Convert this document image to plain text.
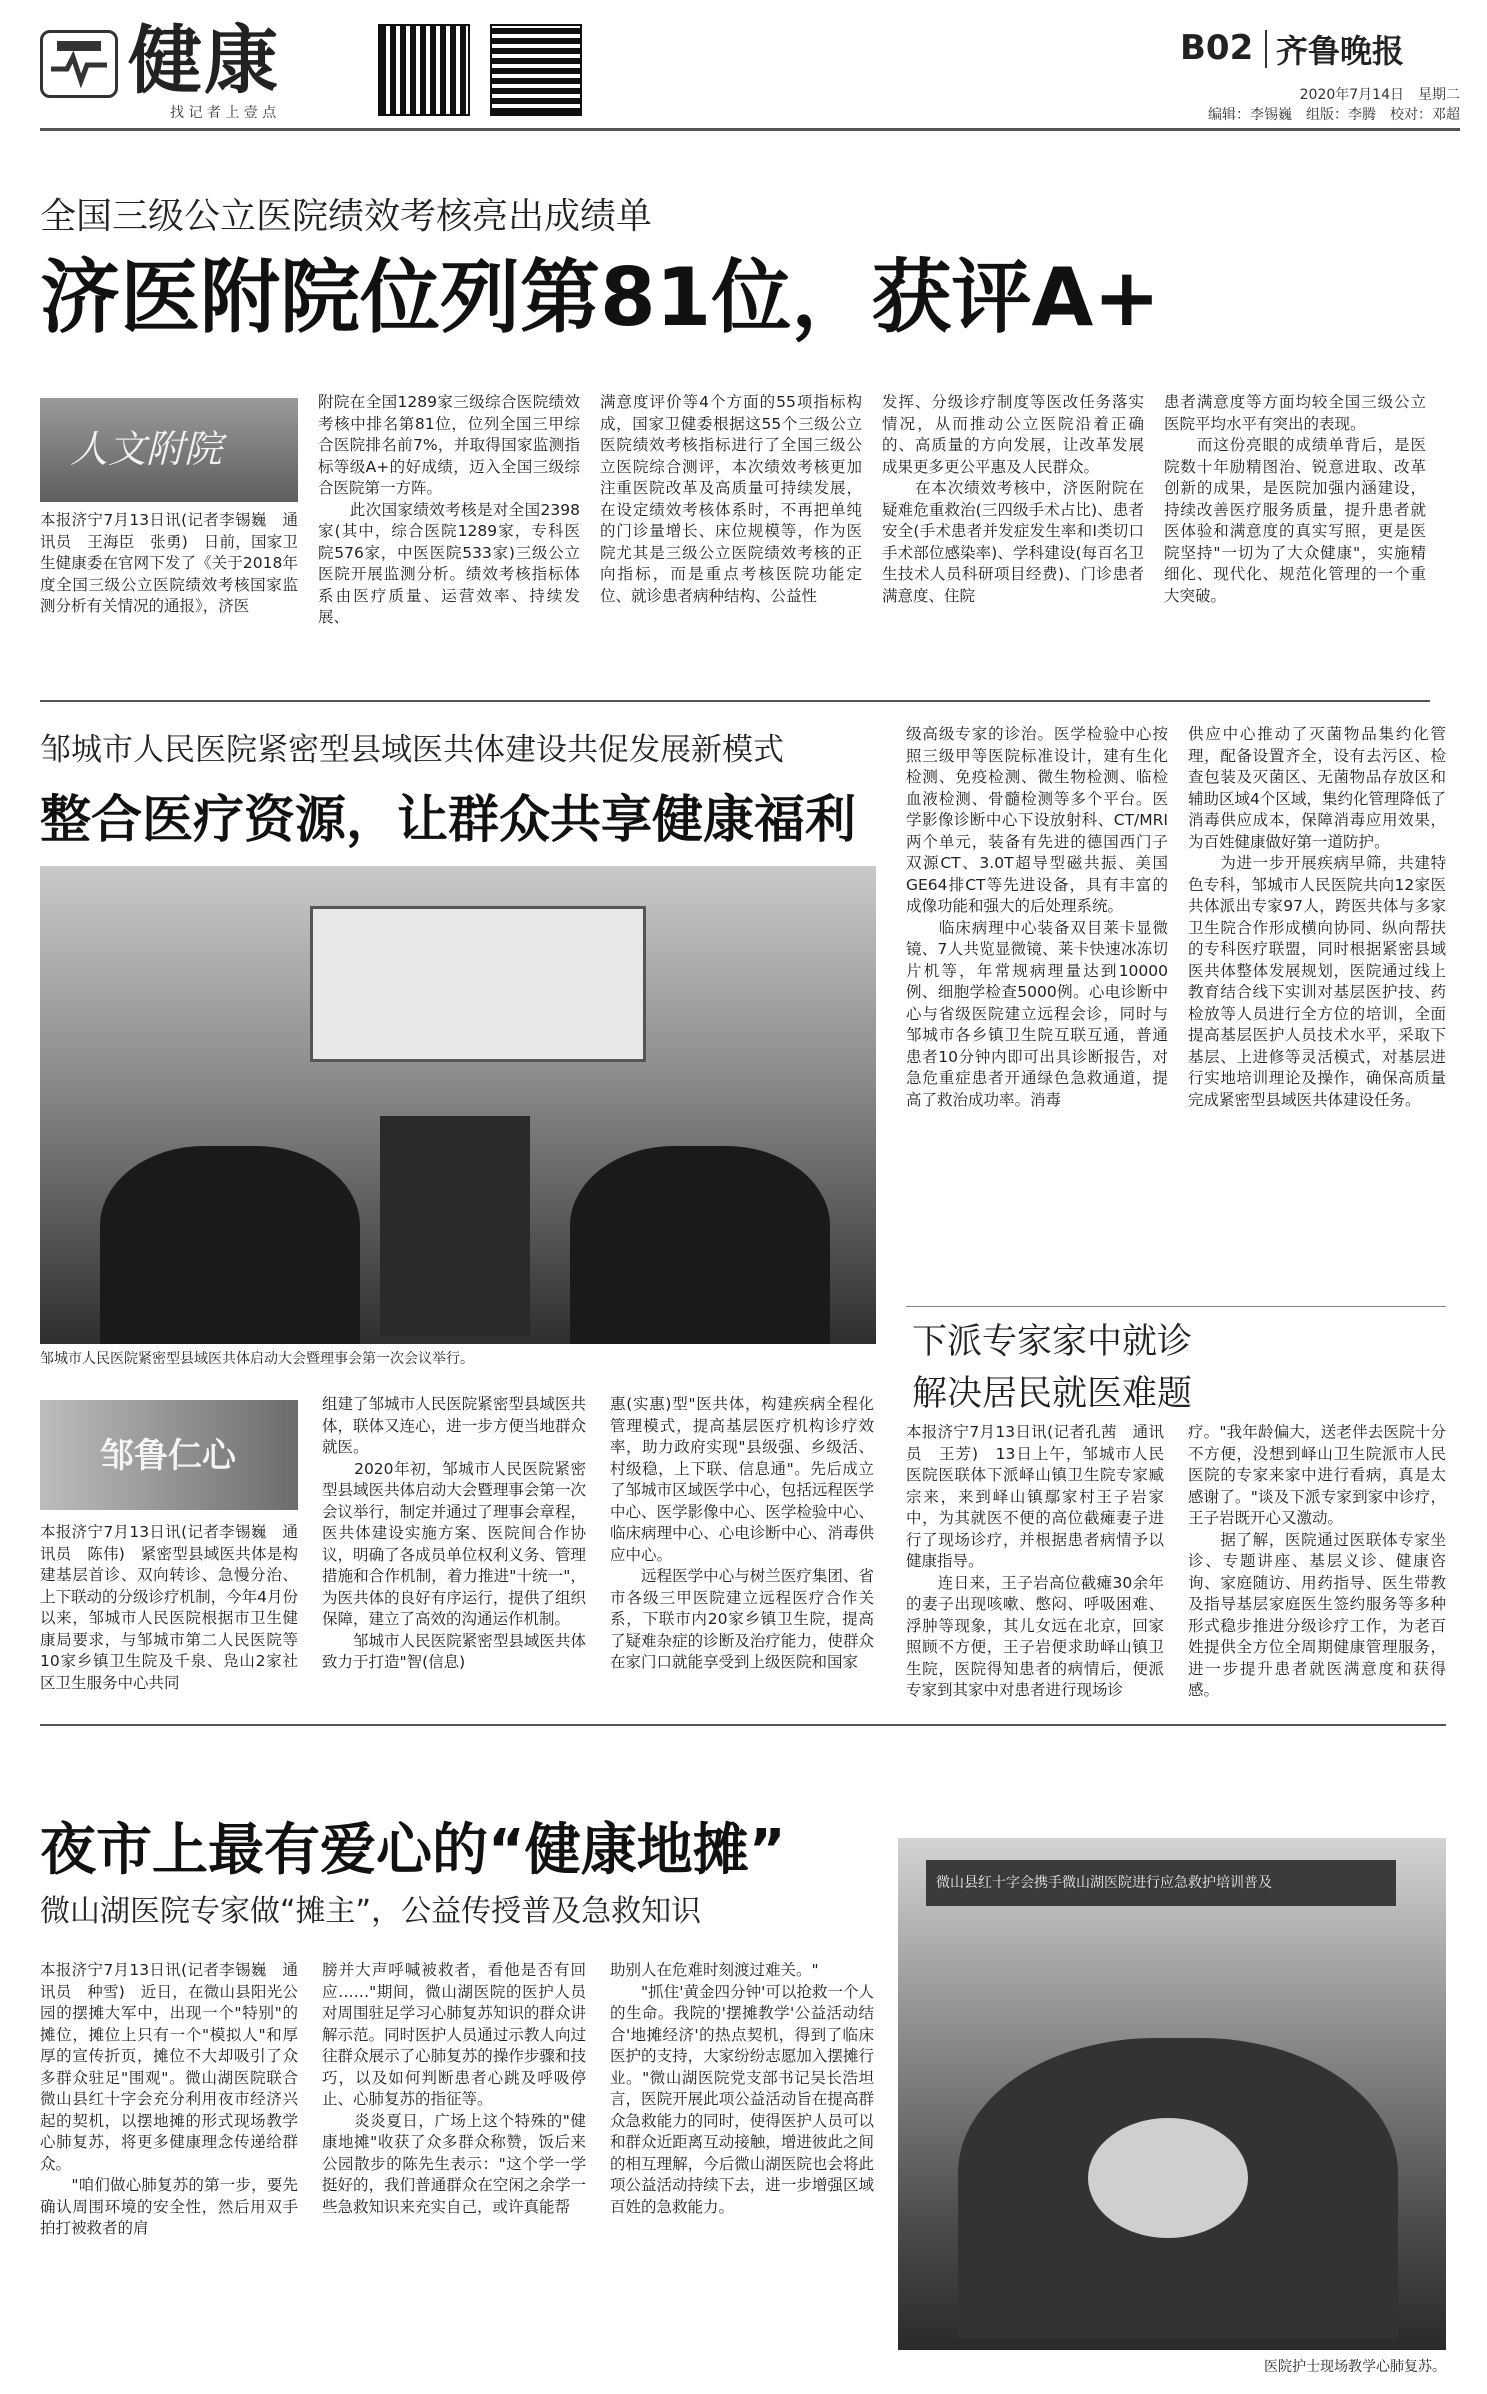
健康
找 记 者 上 壹 点
B02 齐鲁晚报
2020年7月14日　星期二
编辑：李锡巍　组版：李腾　校对：邓超
全国三级公立医院绩效考核亮出成绩单
济医附院位列第81位，获评A+
人文附院
本报济宁7月13日讯(记者李锡巍　通讯员　王海臣　张勇)　日前，国家卫生健康委在官网下发了《关于2018年度全国三级公立医院绩效考核国家监测分析有关情况的通报》，济医
附院在全国1289家三级综合医院绩效考核中排名第81位，位列全国三甲综合医院排名前7%，并取得国家监测指标等级A+的好成绩，迈入全国三级综合医院第一方阵。
　　此次国家绩效考核是对全国2398家(其中，综合医院1289家，专科医院576家，中医医院533家)三级公立医院开展监测分析。绩效考核指标体系由医疗质量、运营效率、持续发展、
满意度评价等4个方面的55项指标构成，国家卫健委根据这55个三级公立医院绩效考核指标进行了全国三级公立医院综合测评，本次绩效考核更加注重医院改革及高质量可持续发展，在设定绩效考核体系时，不再把单纯的门诊量增长、床位规模等，作为医院尤其是三级公立医院绩效考核的正向指标，而是重点考核医院功能定位、就诊患者病种结构、公益性
发挥、分级诊疗制度等医改任务落实情况，从而推动公立医院沿着正确的、高质量的方向发展，让改革发展成果更多更公平惠及人民群众。
　　在本次绩效考核中，济医附院在疑难危重救治(三四级手术占比)、患者安全(手术患者并发症发生率和Ⅰ类切口手术部位感染率)、学科建设(每百名卫生技术人员科研项目经费)、门诊患者满意度、住院
患者满意度等方面均较全国三级公立医院平均水平有突出的表现。
　　而这份亮眼的成绩单背后，是医院数十年励精图治、锐意进取、改革创新的成果，是医院加强内涵建设，持续改善医疗服务质量，提升患者就医体验和满意度的真实写照，更是医院坚持"一切为了大众健康"，实施精细化、现代化、规范化管理的一个重大突破。
邹城市人民医院紧密型县域医共体建设共促发展新模式
整合医疗资源，让群众共享健康福利
邹城市人民医院紧密型县域医共体启动大会暨理事会第一次会议举行。
级高级专家的诊治。医学检验中心按照三级甲等医院标准设计，建有生化检测、免疫检测、微生物检测、临检血液检测、骨髓检测等多个平台。医学影像诊断中心下设放射科、CT/MRI两个单元，装备有先进的德国西门子双源CT、3.0T超导型磁共振、美国GE64排CT等先进设备，具有丰富的成像功能和强大的后处理系统。
　　临床病理中心装备双目莱卡显微镜、7人共览显微镜、莱卡快速冰冻切片机等，年常规病理量达到10000例、细胞学检查5000例。心电诊断中心与省级医院建立远程会诊，同时与邹城市各乡镇卫生院互联互通，普通患者10分钟内即可出具诊断报告，对急危重症患者开通绿色急救通道，提高了救治成功率。消毒
供应中心推动了灭菌物品集约化管理，配备设置齐全，设有去污区、检查包装及灭菌区、无菌物品存放区和辅助区域4个区域，集约化管理降低了消毒供应成本，保障消毒应用效果，为百姓健康做好第一道防护。
　　为进一步开展疾病早筛，共建特色专科，邹城市人民医院共向12家医共体派出专家97人，跨医共体与多家卫生院合作形成横向协同、纵向帮扶的专科医疗联盟，同时根据紧密县域医共体整体发展规划，医院通过线上教育结合线下实训对基层医护技、药检放等人员进行全方位的培训，全面提高基层医护人员技术水平，采取下基层、上进修等灵活模式，对基层进行实地培训理论及操作，确保高质量完成紧密型县域医共体建设任务。
邹鲁仁心
本报济宁7月13日讯(记者李锡巍　通讯员　陈伟)　紧密型县域医共体是构建基层首诊、双向转诊、急慢分治、上下联动的分级诊疗机制，今年4月份以来，邹城市人民医院根据市卫生健康局要求，与邹城市第二人民医院等10家乡镇卫生院及千泉、凫山2家社区卫生服务中心共同
组建了邹城市人民医院紧密型县域医共体，联体又连心，进一步方便当地群众就医。
　　2020年初，邹城市人民医院紧密型县域医共体启动大会暨理事会第一次会议举行，制定并通过了理事会章程，医共体建设实施方案、医院间合作协议，明确了各成员单位权利义务、管理措施和合作机制，着力推进"十统一"，为医共体的良好有序运行，提供了组织保障，建立了高效的沟通运作机制。
　　邹城市人民医院紧密型县域医共体致力于打造"智(信息)
惠(实惠)型"医共体，构建疾病全程化管理模式，提高基层医疗机构诊疗效率，助力政府实现"县级强、乡级活、村级稳，上下联、信息通"。先后成立了邹城市区域医学中心，包括远程医学中心、医学影像中心、医学检验中心、临床病理中心、心电诊断中心、消毒供应中心。
　　远程医学中心与树兰医疗集团、省市各级三甲医院建立远程医疗合作关系，下联市内20家乡镇卫生院，提高了疑难杂症的诊断及治疗能力，使群众在家门口就能享受到上级医院和国家
下派专家家中就诊
解决居民就医难题
本报济宁7月13日讯(记者孔茜　通讯员　王芳)　13日上午，邹城市人民医院医联体下派峄山镇卫生院专家臧宗来，来到峄山镇鄢家村王子岩家中，为其就医不便的高位截瘫妻子进行了现场诊疗，并根据患者病情予以健康指导。
　　连日来，王子岩高位截瘫30余年的妻子出现咳嗽、憋闷、呼吸困难、浮肿等现象，其儿女远在北京，回家照顾不方便，王子岩便求助峄山镇卫生院，医院得知患者的病情后，便派专家到其家中对患者进行现场诊
疗。"我年龄偏大，送老伴去医院十分不方便，没想到峄山卫生院派市人民医院的专家来家中进行看病，真是太感谢了。"谈及下派专家到家中诊疗，王子岩既开心又激动。
　　据了解，医院通过医联体专家坐诊、专题讲座、基层义诊、健康咨询、家庭随访、用药指导、医生带教及指导基层家庭医生签约服务等多种形式稳步推进分级诊疗工作，为老百姓提供全方位全周期健康管理服务，进一步提升患者就医满意度和获得感。
夜市上最有爱心的“健康地摊”
微山湖医院专家做“摊主”，公益传授普及急救知识
本报济宁7月13日讯(记者李锡巍　通讯员　种雪)　近日，在微山县阳光公园的摆摊大军中，出现一个"特别"的摊位，摊位上只有一个"模拟人"和厚厚的宣传折页，摊位不大却吸引了众多群众驻足"围观"。微山湖医院联合微山县红十字会充分利用夜市经济兴起的契机，以摆地摊的形式现场教学心肺复苏，将更多健康理念传递给群众。
　　"咱们做心肺复苏的第一步，要先确认周围环境的安全性，然后用双手拍打被救者的肩
膀并大声呼喊被救者，看他是否有回应……"期间，微山湖医院的医护人员对周围驻足学习心肺复苏知识的群众讲解示范。同时医护人员通过示教人向过往群众展示了心肺复苏的操作步骤和技巧，以及如何判断患者心跳及呼吸停止、心肺复苏的指征等。
　　炎炎夏日，广场上这个特殊的"健康地摊"收获了众多群众称赞，饭后来公园散步的陈先生表示："这个学一学挺好的，我们普通群众在空闲之余学一些急救知识来充实自己，或许真能帮
助别人在危难时刻渡过难关。"
　　"抓住'黄金四分钟'可以抢救一个人的生命。我院的'摆摊教学'公益活动结合'地摊经济'的热点契机，得到了临床医护的支持，大家纷纷志愿加入摆摊行业。"微山湖医院党支部书记吴长浩坦言，医院开展此项公益活动旨在提高群众急救能力的同时，使得医护人员可以和群众近距离互动接触，增进彼此之间的相互理解，今后微山湖医院也会将此项公益活动持续下去，进一步增强区域百姓的急救能力。
微山县红十字会携手微山湖医院进行应急救护培训普及
医院护士现场教学心肺复苏。
